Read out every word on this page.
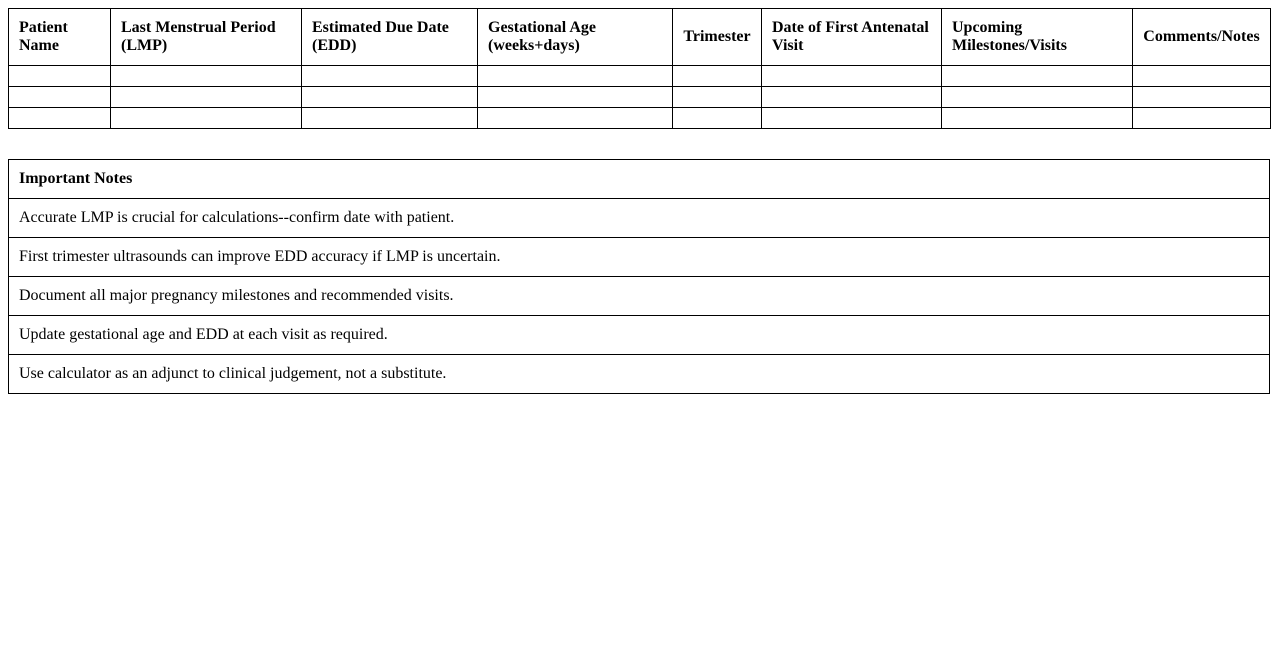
Patient Name	Last Menstrual Period (LMP)	Estimated Due Date (EDD)	Gestational Age (weeks+days)	Trimester	Date of First Antenatal Visit	Upcoming Milestones/Visits	Comments/Notes

Important Notes
Accurate LMP is crucial for calculations--confirm date with patient.
First trimester ultrasounds can improve EDD accuracy if LMP is uncertain.
Document all major pregnancy milestones and recommended visits.
Update gestational age and EDD at each visit as required.
Use calculator as an adjunct to clinical judgement, not a substitute.
